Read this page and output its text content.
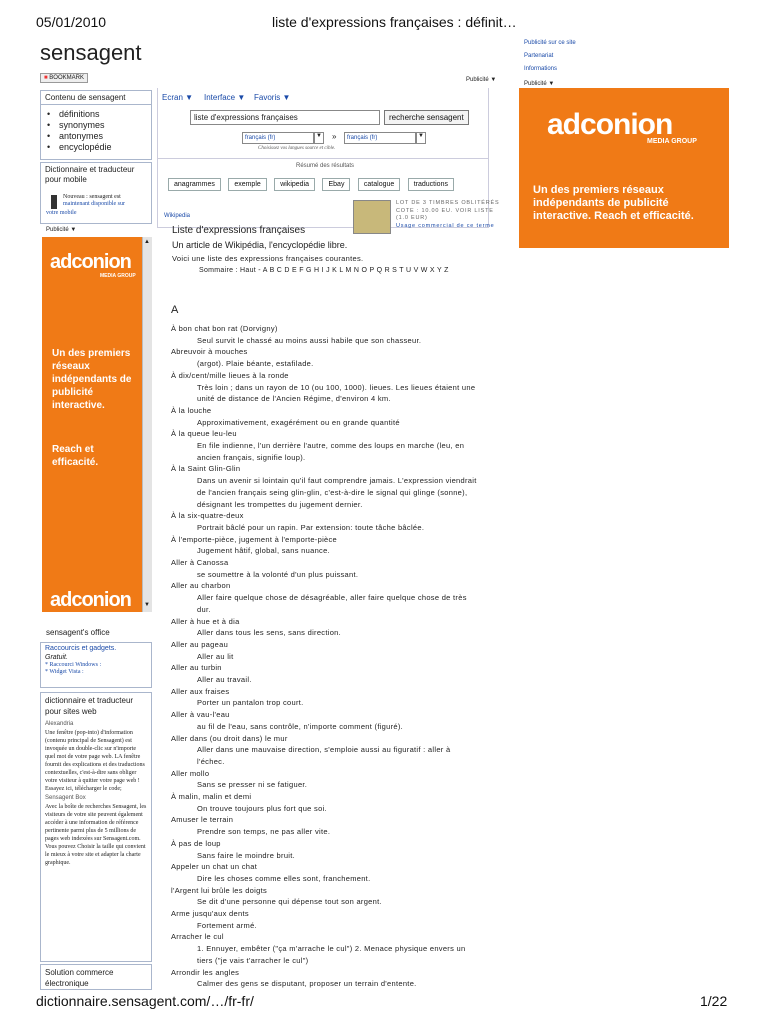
05/01/2010	liste d'expressions françaises : définit…
sensagent
■ BOOKMARK	Publicité ▼
Publicité sur ce site
Partenariat
Informations
Publicité ▼
adconion
MEDIA GROUP
Un des premiers réseaux indépendants de publicité interactive. Reach et efficacité.
Contenu de sensagent
• définitions
• synonymes
• antonymes
• encyclopédie
Dictionnaire et traducteur pour mobile
Nouveau : sensagent est
maintenant disponible sur
votre mobile
Publicité ▼
adconion
MEDIA GROUP
Un des premiers réseaux indépendants de publicité interactive.
Reach et efficacité.
adconion
▲
▼
sensagent's office
Raccourcis et gadgets.
Gratuit.
* Raccourci Windows :
* Widget Vista :
dictionnaire et traducteur pour sites web
Alexandria
Une fenêtre (pop-into) d'information (contenu principal de Sensagent) est invoquée un double-clic sur n'importe quel mot de votre page web. LA fenêtre fournit des explications et des traductions contextuelles, c'est-à-dire sans obliger votre visiteur à quitter votre page web ! Essayez ici, télécharger le code;
Sensagent Box
Avec la boîte de recherches Sensagent, les visiteurs de votre site peuvent également accéder à une information de référence pertinente parmi plus de 5 millions de pages web indexées sur Sensagent.com. Vous pouvez Choisir la taille qui convient le mieux à votre site et adapter la charte graphique.
Solution commerce électronique
Ecran ▼ Interface ▼ Favoris ▼
liste d'expressions françaises	recherche sensagent
français (fr)	▼ »	français (fr)	▼
Choisissez vos langues source et cible.
Résumé des résultats
anagrammes	exemple	wikipedia	Ebay	catalogue	traductions
LOT DE 3 TIMBRES OBLITÉRÉS
COTE : 10.00 EU. VOIR LISTE
(1.0 EUR)
Usage commercial de ce terme
Wikipedia
Liste d'expressions françaises
Un article de Wikipédia, l'encyclopédie libre.
Voici une liste des expressions françaises courantes.
Sommaire : Haut - A B C D E F G H I J K L M N O P Q R S T U V W X Y Z
A
À bon chat bon rat (Dorvigny)
Seul survit le chassé au moins aussi habile que son chasseur.
Abreuvoir à mouches
(argot). Plaie béante, estafilade.
À dix/cent/mille lieues à la ronde
Très loin ; dans un rayon de 10 (ou 100, 1000). lieues. Les lieues étaient une
unité de distance de l'Ancien Régime, d'environ 4 km.
À la louche
Approximativement, exagérément ou en grande quantité
À la queue leu-leu
En file indienne, l'un derrière l'autre, comme des loups en marche (leu, en
ancien français, signifie loup).
À la Saint Glin-Glin
Dans un avenir si lointain qu'il faut comprendre jamais. L'expression viendrait
de l'ancien français seing glin-glin, c'est-à-dire le signal qui glinge (sonne),
désignant les trompettes du jugement dernier.
À la six-quatre-deux
Portrait bâclé pour un rapin. Par extension: toute tâche bâclée.
À l'emporte-pièce, jugement à l'emporte-pièce
Jugement hâtif, global, sans nuance.
Aller à Canossa
se soumettre à la volonté d'un plus puissant.
Aller au charbon
Aller faire quelque chose de désagréable, aller faire quelque chose de très
dur.
Aller à hue et à dia
Aller dans tous les sens, sans direction.
Aller au pageau
Aller au lit
Aller au turbin
Aller au travail.
Aller aux fraises
Porter un pantalon trop court.
Aller à vau-l'eau
au fil de l'eau, sans contrôle, n'importe comment (figuré).
Aller dans (ou droit dans) le mur
Aller dans une mauvaise direction, s'emploie aussi au figuratif : aller à
l'échec.
Aller mollo
Sans se presser ni se fatiguer.
À malin, malin et demi
On trouve toujours plus fort que soi.
Amuser le terrain
Prendre son temps, ne pas aller vite.
À pas de loup
Sans faire le moindre bruit.
Appeler un chat un chat
Dire les choses comme elles sont, franchement.
l'Argent lui brûle les doigts
Se dit d'une personne qui dépense tout son argent.
Arme jusqu'aux dents
Fortement armé.
Arracher le cul
1. Ennuyer, embêter ("ça m'arrache le cul") 2. Menace physique envers un
tiers ("je vais t'arracher le cul")
Arrondir les angles
Calmer des gens se disputant, proposer un terrain d'entente.
dictionnaire.sensagent.com/…/fr-fr/	1/22
